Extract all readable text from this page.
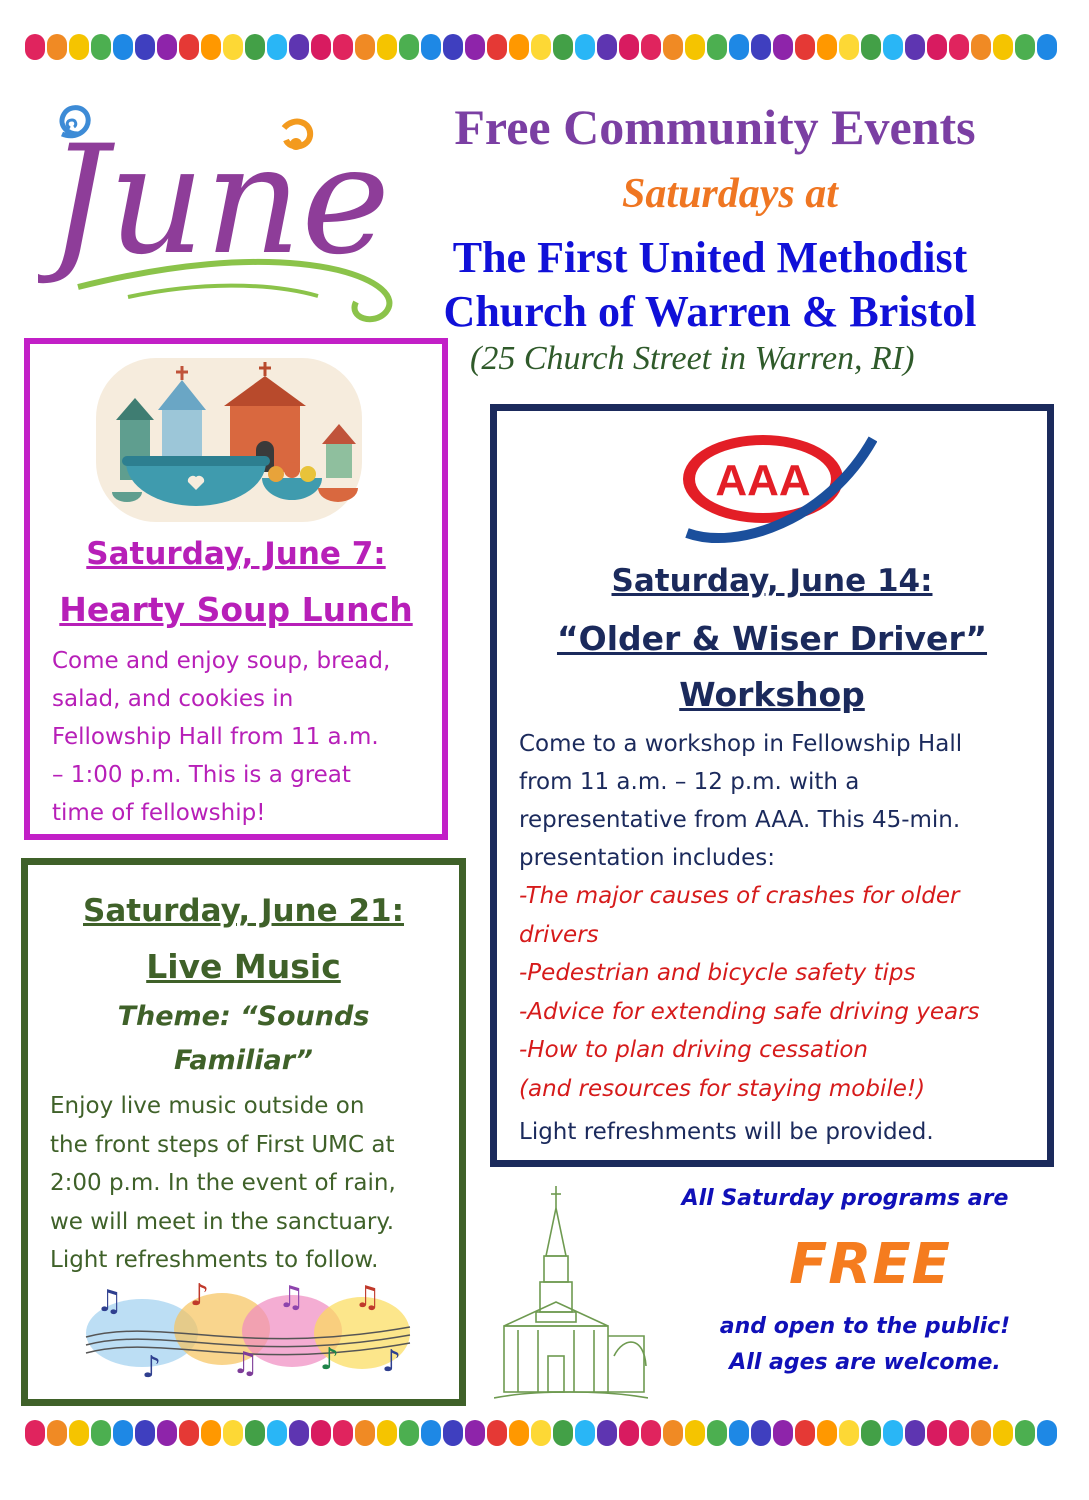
June	Free Community Events
Saturdays at
The First United Methodist
Church of Warren & Bristol
(25 Church Street in Warren, RI)
Saturday, June 7:
Hearty Soup Lunch
Come and enjoy soup, bread,
salad, and cookies in
Fellowship Hall from 11 a.m.
– 1:00 p.m. This is a great
time of fellowship!
AAA
Saturday, June 14:
“Older & Wiser Driver”
Workshop
Come to a workshop in Fellowship Hall
from 11 a.m. – 12 p.m. with a
representative from AAA. This 45-min.
presentation includes:
-The major causes of crashes for older
drivers
-Pedestrian and bicycle safety tips
-Advice for extending safe driving years
-How to plan driving cessation
(and resources for staying mobile!)
Light refreshments will be provided.
Saturday, June 21:
Live Music
Theme: “Sounds
Familiar”
Enjoy live music outside on
the front steps of First UMC at
2:00 p.m. In the event of rain,
we will meet in the sanctuary.
Light refreshments to follow.
♫
♪
♪
♫
♫
♪
♫
♪
All Saturday programs are
FREE
and open to the public!
All ages are welcome.
